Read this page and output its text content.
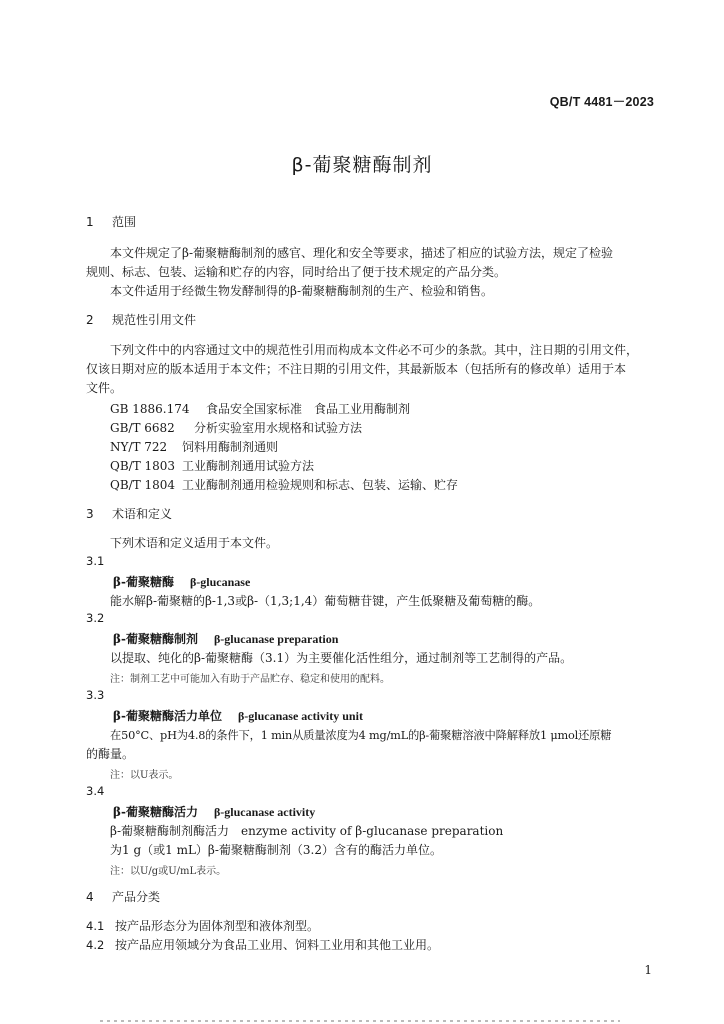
QB/T 4481－2023
β-葡聚糖酶制剂
1 范围
本文件规定了β-葡聚糖酶制剂的感官、理化和安全等要求，描述了相应的试验方法，规定了检验
规则、标志、包装、运输和贮存的内容，同时给出了便于技术规定的产品分类。
本文件适用于经微生物发酵制得的β-葡聚糖酶制剂的生产、检验和销售。
2 规范性引用文件
下列文件中的内容通过文中的规范性引用而构成本文件必不可少的条款。其中，注日期的引用文件，
仅该日期对应的版本适用于本文件；不注日期的引用文件，其最新版本（包括所有的修改单）适用于本
文件。
GB 1886.174 食品安全国家标准　食品工业用酶制剂
GB/T 6682 分析实验室用水规格和试验方法
NY/T 722 饲料用酶制剂通则
QB/T 1803 工业酶制剂通用试验方法
QB/T 1804 工业酶制剂通用检验规则和标志、包装、运输、贮存
3 术语和定义
下列术语和定义适用于本文件。
3.1
β-葡聚糖酶 β-glucanase
能水解β-葡聚糖的β-1,3或β-（1,3;1,4）葡萄糖苷键，产生低聚糖及葡萄糖的酶。
3.2
β-葡聚糖酶制剂 β-glucanase preparation
以提取、纯化的β-葡聚糖酶（3.1）为主要催化活性组分，通过制剂等工艺制得的产品。
注：制剂工艺中可能加入有助于产品贮存、稳定和使用的配料。
3.3
β-葡聚糖酶活力单位 β-glucanase activity unit
在50°C、pH为4.8的条件下，1 min从质量浓度为4 mg/mL的β-葡聚糖溶液中降解释放1 μmol还原糖
的酶量。
注：以U表示。
3.4
β-葡聚糖酶活力 β-glucanase activity
β-葡聚糖酶制剂酶活力　enzyme activity of β-glucanase preparation
为1 g（或1 mL）β-葡聚糖酶制剂（3.2）含有的酶活力单位。
注：以U/g或U/mL表示。
4 产品分类
4.1 按产品形态分为固体剂型和液体剂型。
4.2 按产品应用领域分为食品工业用、饲料工业用和其他工业用。
1
